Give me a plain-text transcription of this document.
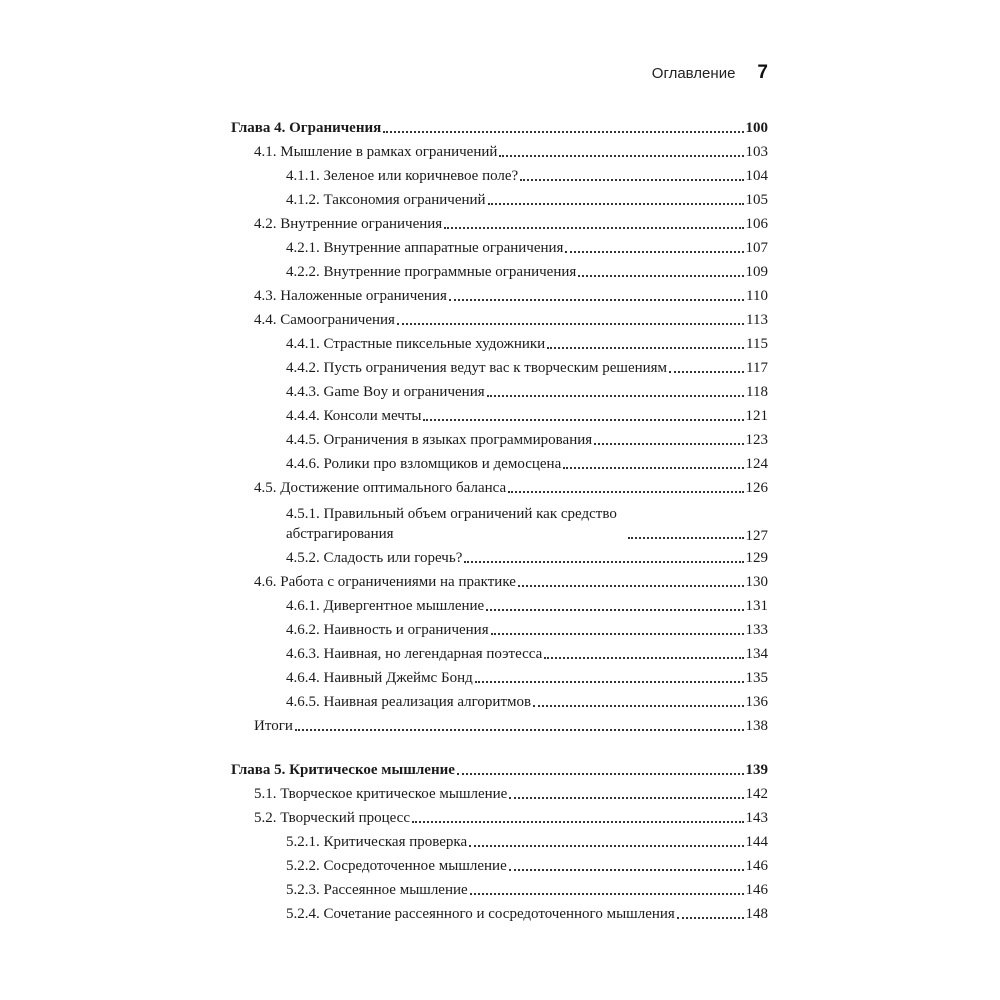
Оглавление 7
Глава 4. Ограничения	100
4.1. Мышление в рамках ограничений	103
4.1.1. Зеленое или коричневое поле?	104
4.1.2. Таксономия ограничений	105
4.2. Внутренние ограничения	106
4.2.1. Внутренние аппаратные ограничения	107
4.2.2. Внутренние программные ограничения	109
4.3. Наложенные ограничения	110
4.4. Самоограничения	113
4.4.1. Страстные пиксельные художники	115
4.4.2. Пусть ограничения ведут вас к творческим решениям	117
4.4.3. Game Boy и ограничения	118
4.4.4. Консоли мечты	121
4.4.5. Ограничения в языках программирования	123
4.4.6. Ролики про взломщиков и демосцена	124
4.5. Достижение оптимального баланса	126
4.5.1. Правильный объем ограничений как средство абстрагирования	127
4.5.2. Сладость или горечь?	129
4.6. Работа с ограничениями на практике	130
4.6.1. Дивергентное мышление	131
4.6.2. Наивность и ограничения	133
4.6.3. Наивная, но легендарная поэтесса	134
4.6.4. Наивный Джеймс Бонд	135
4.6.5. Наивная реализация алгоритмов	136
Итоги	138
Глава 5. Критическое мышление	139
5.1. Творческое критическое мышление	142
5.2. Творческий процесс	143
5.2.1. Критическая проверка	144
5.2.2. Сосредоточенное мышление	146
5.2.3. Рассеянное мышление	146
5.2.4. Сочетание рассеянного и сосредоточенного мышления	148
